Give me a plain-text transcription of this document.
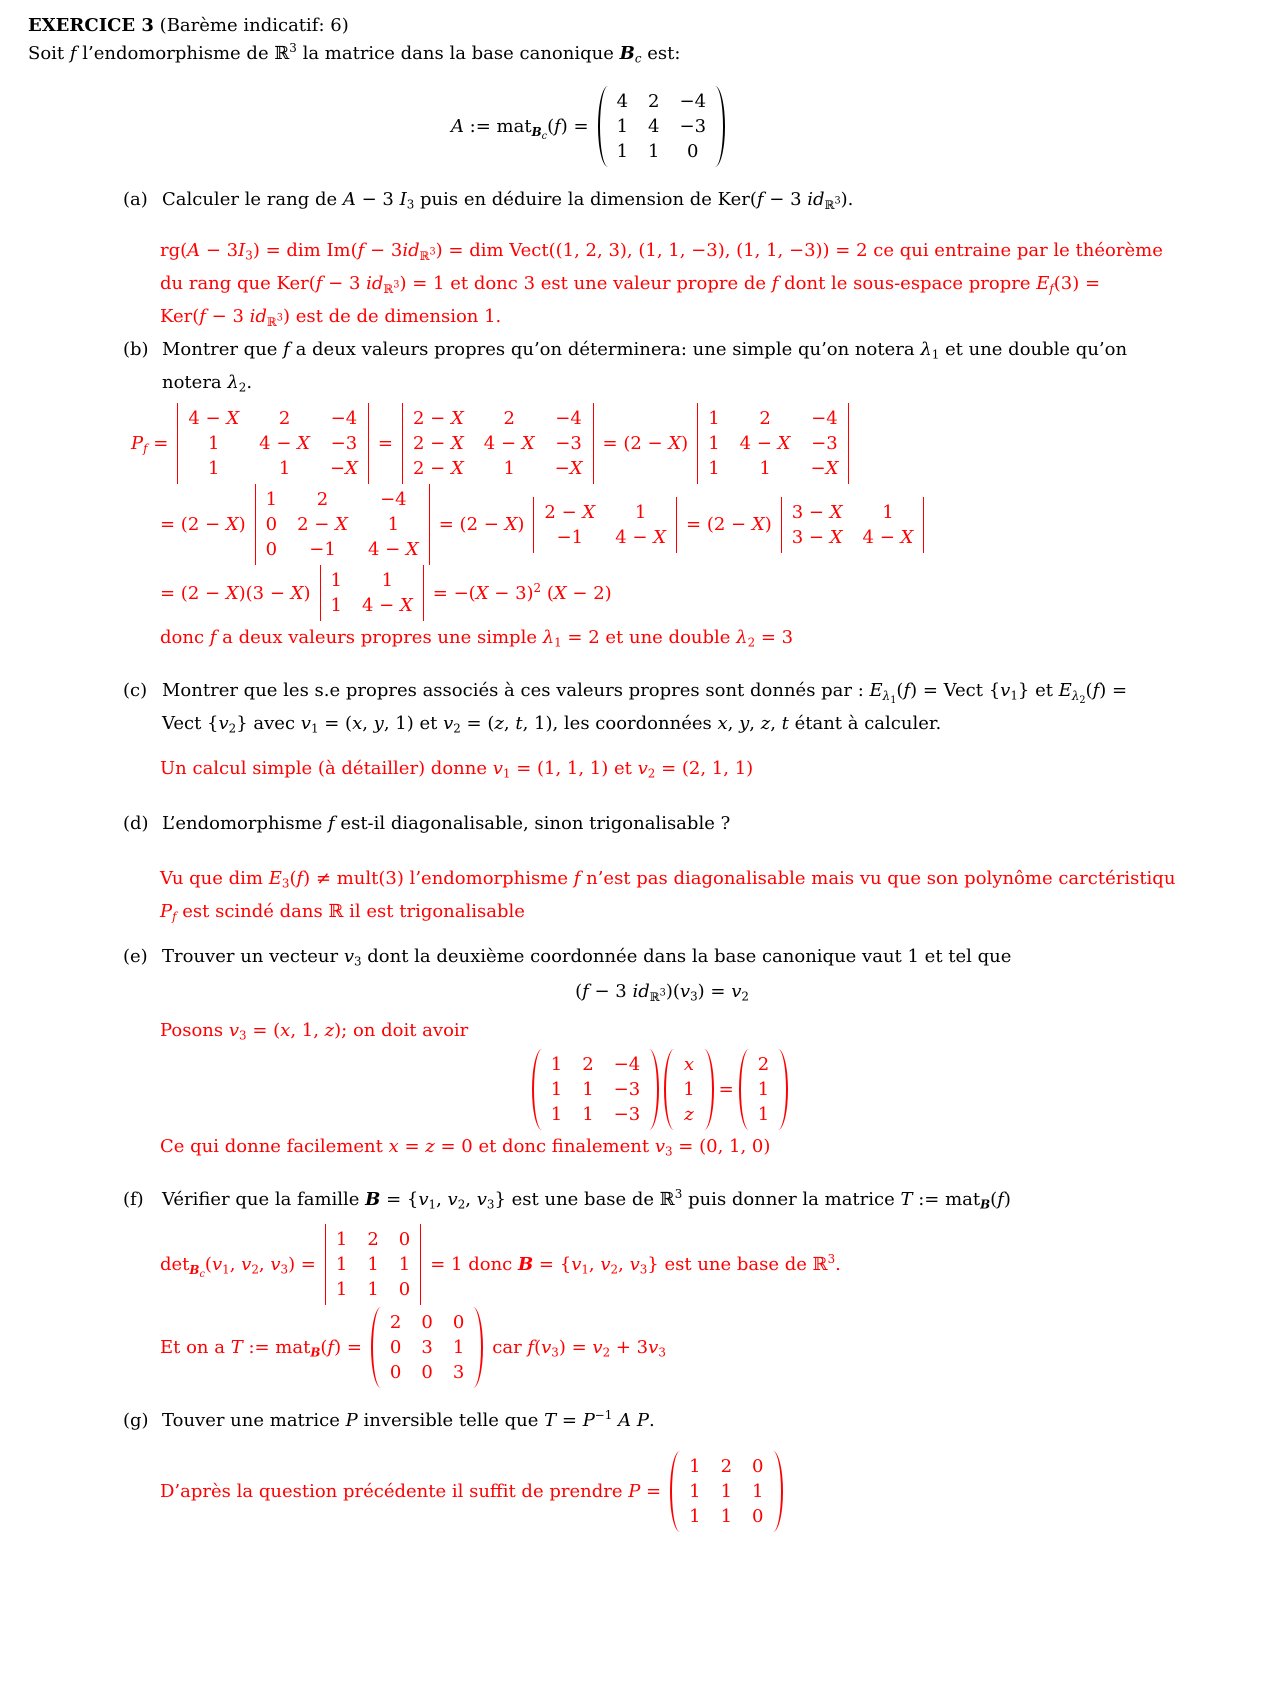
EXERCICE 3 (Barème indicatif: 6)
Soit f l’endomorphisme de ℝ$^3$ la matrice dans la base canonique $B_c$ est:
A := mat$_{B_c}$(f) =
4 2 −4
1 4 −3
1 1 0
(a) Calculer le rang de A − 3 $I_3$ puis en déduire la dimension de Ker(f − 3 $id_{ℝ^3}$).
$rg(A - 3I_3)$ = dim $Im(f - 3id_{ℝ^3})$ = dim Vect((1, 2, 3), (1, 1, −3), (1, 1, −3)) = 2 ce qui entraine par le théorème
du rang que Ker(f − 3 $id_{ℝ^3}) = 1$ et donc 3 est une valeur propre de f dont le sous-espace propre $E_f(3)$ =
Ker(f − 3 $id_{ℝ^3}$) est de de dimension 1.
(b) Montrer que f a deux valeurs propres qu’on déterminera: une simple qu’on notera $\lambda_1$ et une double qu’on
notera $\lambda_2$.
$P_f$ =
4 − X 2 −4
1 4 − X −3
1	1 −X
=
2 − X 2 −4
2 − X 4 − X −3
2 − X 1 −X
= (2 − X)
1 2 −4
1 4 − X −3
1 1 −X
= (2 − X)
1 2	−4
0 2 − X 1
0 −1 4 − X
= (2 − X)
2 − X 1
−1 4 − X
= (2 − X)
3 − X 1
3 − X 4 − X
= (2 − X)(3 − X)
1 1
1 4 − X
= $-(X - 3)^2$ (X − 2)
donc f a deux valeurs propres une simple $\lambda_1 = 2$ et une double $\lambda_2 = 3$
(c) Montrer que les s.e propres associés à ces valeurs propres sont donnés par : $E_{\lambda_1}(f)$ = Vect $\{v_1\}$ et $E_{\lambda_2}(f)$ =
Vect $\{v_2\}$ avec $v_1 = (x$, y, 1) et $v_2 = (z$, t, 1), les coordonnées x, y, z, t étant à calculer.
Un calcul simple (à détailler) donne $v_1 = (1$, 1, 1) et $v_2 = (2$, 1, 1)
(d) L’endomorphisme f est-il diagonalisable, sinon trigonalisable ?
Vu que dim $E_3(f)$ ≠ mult(3) l’endomorphisme f n’est pas diagonalisable mais vu que son polynôme carctéristiqu
$P_f$ est scindé dans ℝ il est trigonalisable
(e) Trouver un vecteur $v_3$ dont la deuxième coordonnée dans la base canonique vaut 1 et tel que
(f − 3 $id_{ℝ^3})(v_3) = v_2$
Posons $v_3 = (x$, 1, z); on doit avoir
1 2 −4
1 1 −3
1 1 −3
x
1
z
=
2
1
1
Ce qui donne facilement x = z = 0 et donc finalement $v_3 = (0$, 1, 0)
(f)	Vérifier que la famille $B = \{v_1$, $v_2$, $v_3$} est une base de ℝ$^3$ puis donner la matrice T := mat$_B$(f)
$\det_{B_c}(v_1$, $v_2$, $v_3$) =
1 2 0
1 1 1
1 1 0
= 1 donc $B = \{v_1$, $v_2$, $v_3$} est une base de ℝ$^3$.
Et on a T := mat$_B$(f) =
2 0 0
0 3 1
0 0 3
car $f(v_3) = v_2 + 3v_3$
(g) Touver une matrice P inversible telle que $T = P^{-1}$ A P.
D’après la question précédente il suffit de prendre P =
1 2 0
1 1 1
1 1 0
